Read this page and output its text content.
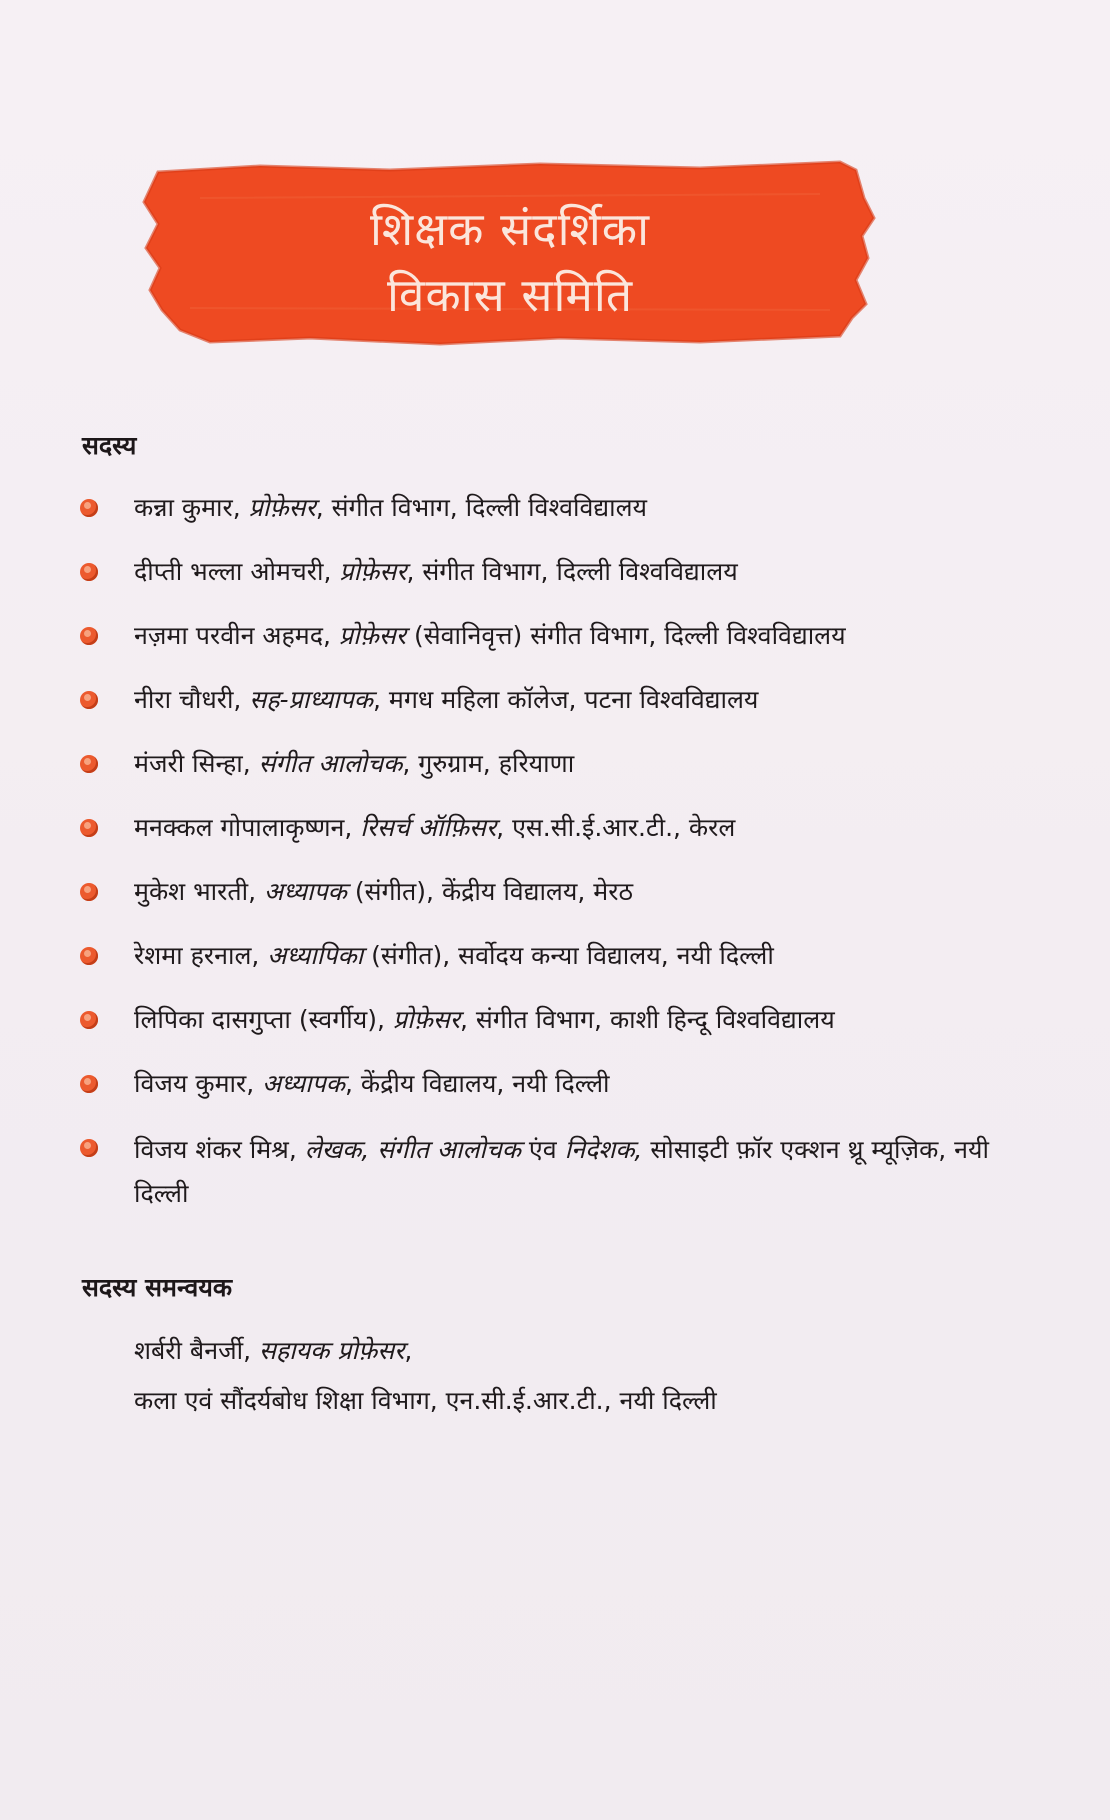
शिक्षक संदर्शिका
विकास समिति
सदस्य
कन्ना कुमार, प्रोफ़ेसर, संगीत विभाग, दिल्ली विश्वविद्यालय
दीप्ती भल्ला ओमचरी, प्रोफ़ेसर, संगीत विभाग, दिल्ली विश्वविद्यालय
नज़मा परवीन अहमद, प्रोफ़ेसर (सेवानिवृत्त) संगीत विभाग, दिल्ली विश्वविद्यालय
नीरा चौधरी, सह-प्राध्यापक, मगध महिला कॉलेज, पटना विश्वविद्यालय
मंजरी सिन्हा, संगीत आलोचक, गुरुग्राम, हरियाणा
मनक्कल गोपालाकृष्णन, रिसर्च ऑफ़िसर, एस.सी.ई.आर.टी., केरल
मुकेश भारती, अध्यापक (संगीत), केंद्रीय विद्यालय, मेरठ
रेशमा हरनाल, अध्यापिका (संगीत), सर्वोदय कन्या विद्यालय, नयी दिल्ली
लिपिका दासगुप्ता (स्वर्गीय), प्रोफ़ेसर, संगीत विभाग, काशी हिन्दू विश्वविद्यालय
विजय कुमार, अध्यापक, केंद्रीय विद्यालय, नयी दिल्ली
विजय शंकर मिश्र, लेखक, संगीत आलोचक एंव निदेशक, सोसाइटी फ़ॉर एक्शन थ्रू म्यूज़िक, नयी दिल्ली
सदस्य समन्वयक
शर्बरी बैनर्जी, सहायक प्रोफ़ेसर,
कला एवं सौंदर्यबोध शिक्षा विभाग, एन.सी.ई.आर.टी., नयी दिल्ली
